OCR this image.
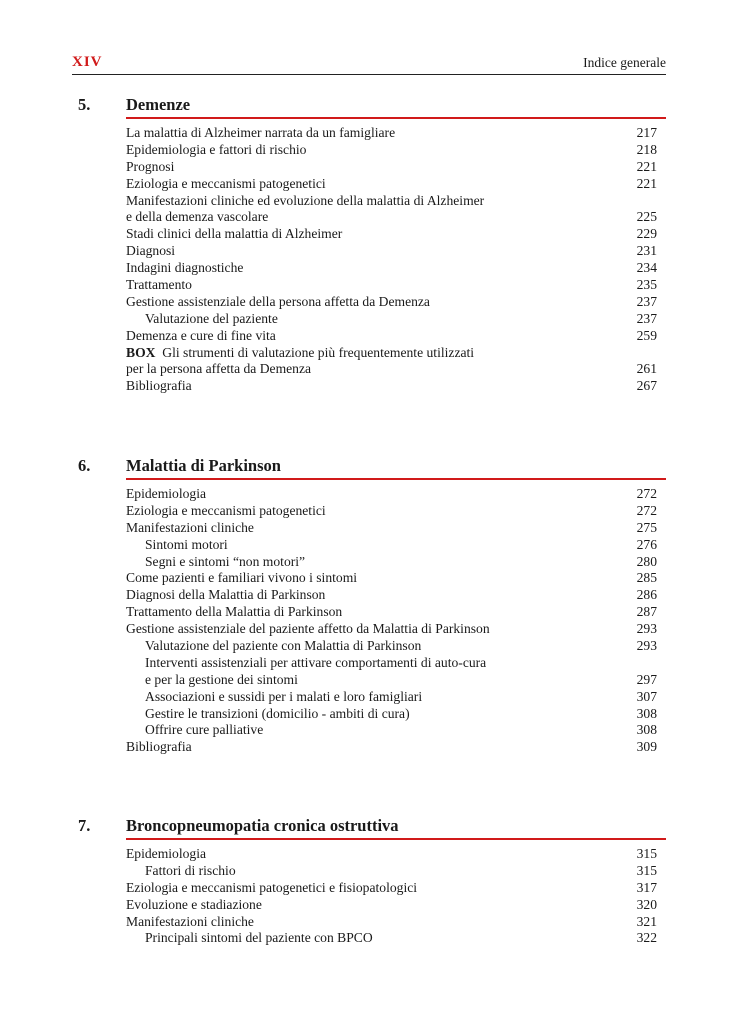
XIV	Indice generale
5. Demenze
La malattia di Alzheimer narrata da un famigliare	217
Epidemiologia e fattori di rischio	218
Prognosi	221
Eziologia e meccanismi patogenetici	221
Manifestazioni cliniche ed evoluzione della malattia di Alzheimer
e della demenza vascolare	225
Stadi clinici della malattia di Alzheimer	229
Diagnosi	231
Indagini diagnostiche	234
Trattamento	235
Gestione assistenziale della persona affetta da Demenza	237
Valutazione del paziente	237
Demenza e cure di fine vita	259
BOX Gli strumenti di valutazione più frequentemente utilizzati
per la persona affetta da Demenza	261
Bibliografia	267
6. Malattia di Parkinson
Epidemiologia	272
Eziologia e meccanismi patogenetici	272
Manifestazioni cliniche	275
Sintomi motori	276
Segni e sintomi “non motori”	280
Come pazienti e familiari vivono i sintomi	285
Diagnosi della Malattia di Parkinson	286
Trattamento della Malattia di Parkinson	287
Gestione assistenziale del paziente affetto da Malattia di Parkinson	293
Valutazione del paziente con Malattia di Parkinson	293
Interventi assistenziali per attivare comportamenti di auto-cura
e per la gestione dei sintomi	297
Associazioni e sussidi per i malati e loro famigliari	307
Gestire le transizioni (domicilio - ambiti di cura)	308
Offrire cure palliative	308
Bibliografia	309
7. Broncopneumopatia cronica ostruttiva
Epidemiologia	315
Fattori di rischio	315
Eziologia e meccanismi patogenetici e fisiopatologici	317
Evoluzione e stadiazione	320
Manifestazioni cliniche	321
Principali sintomi del paziente con BPCO	322
